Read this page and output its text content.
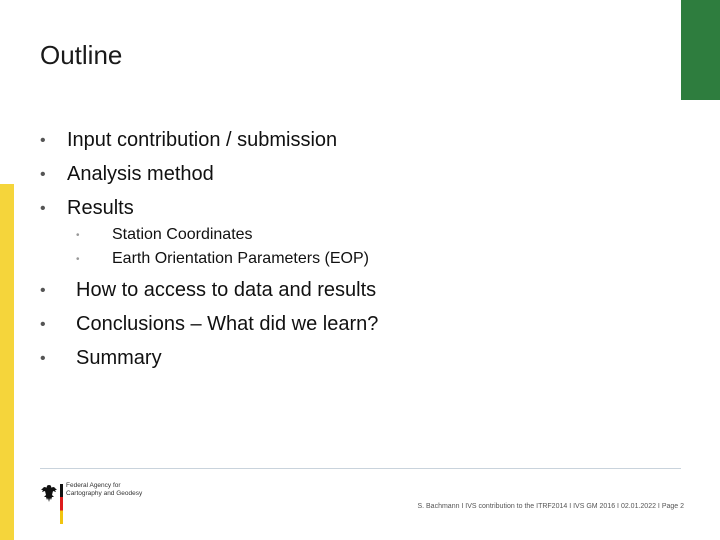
Outline
• Input contribution / submission
• Analysis method
• Results
• Station Coordinates
• Earth Orientation Parameters (EOP)
• How to access to data and results
• Conclusions – What did we learn?
• Summary
Federal Agency for
Cartography and Geodesy
S. Bachmann I IVS contribution to the ITRF2014 I IVS GM 2016 I 02.01.2022 I Page 2
